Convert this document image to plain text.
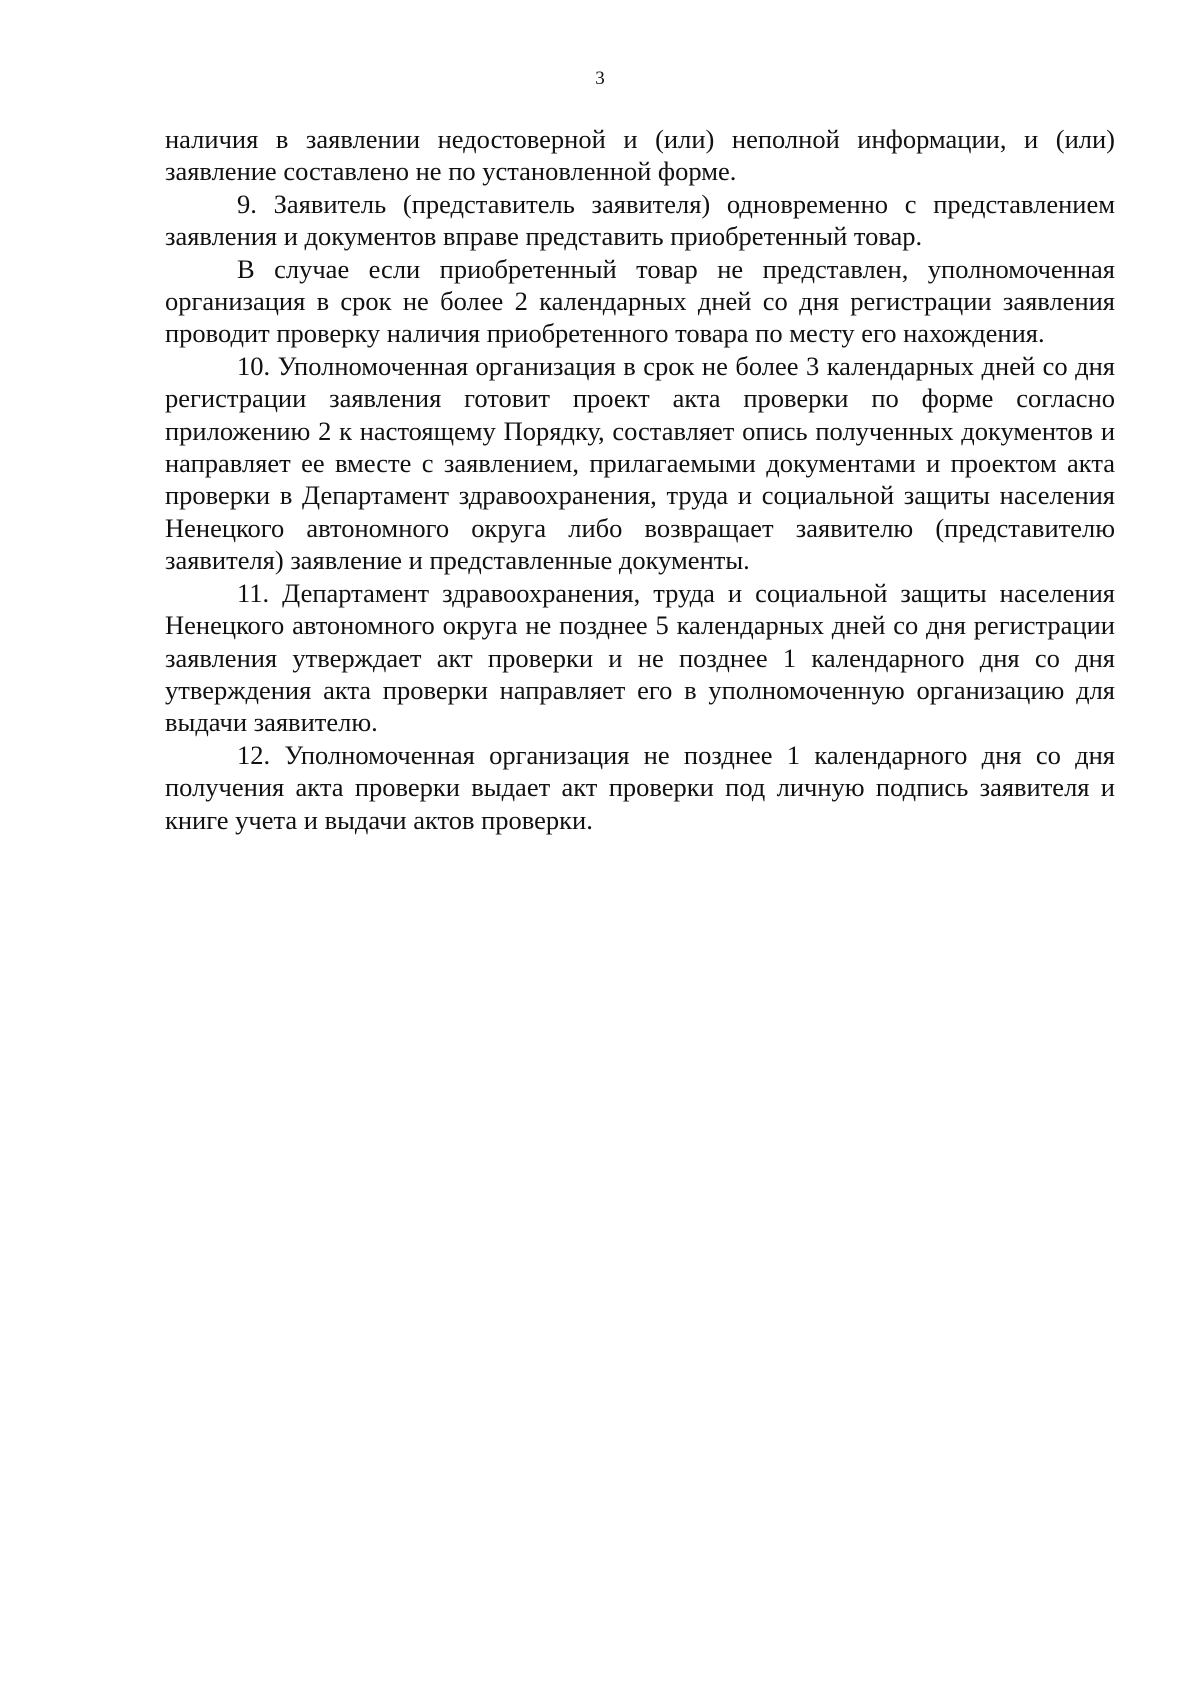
3

наличия в заявлении недостоверной и (или) неполной информации, и (или) заявление составлено не по установленной форме.

9. Заявитель (представитель заявителя) одновременно с представлением заявления и документов вправе представить приобретенный товар.

В случае если приобретенный товар не представлен, уполномоченная организация в срок не более 2 календарных дней со дня регистрации заявления проводит проверку наличия приобретенного товара по месту его нахождения.

10. Уполномоченная организация в срок не более 3 календарных дней со дня регистрации заявления готовит проект акта проверки по форме согласно приложению 2 к настоящему Порядку, составляет опись полученных документов и направляет ее вместе с заявлением, прилагаемыми документами и проектом акта проверки в Департамент здравоохранения, труда и социальной защиты населения Ненецкого автономного округа либо возвращает заявителю (представителю заявителя) заявление и представленные документы.

11. Департамент здравоохранения, труда и социальной защиты населения Ненецкого автономного округа не позднее 5 календарных дней со дня регистрации заявления утверждает акт проверки и не позднее 1 календарного дня со дня утверждения акта проверки направляет его в уполномоченную организацию для выдачи заявителю.

12. Уполномоченная организация не позднее 1 календарного дня со дня получения акта проверки выдает акт проверки под личную подпись заявителя и книге учета и выдачи актов проверки.
